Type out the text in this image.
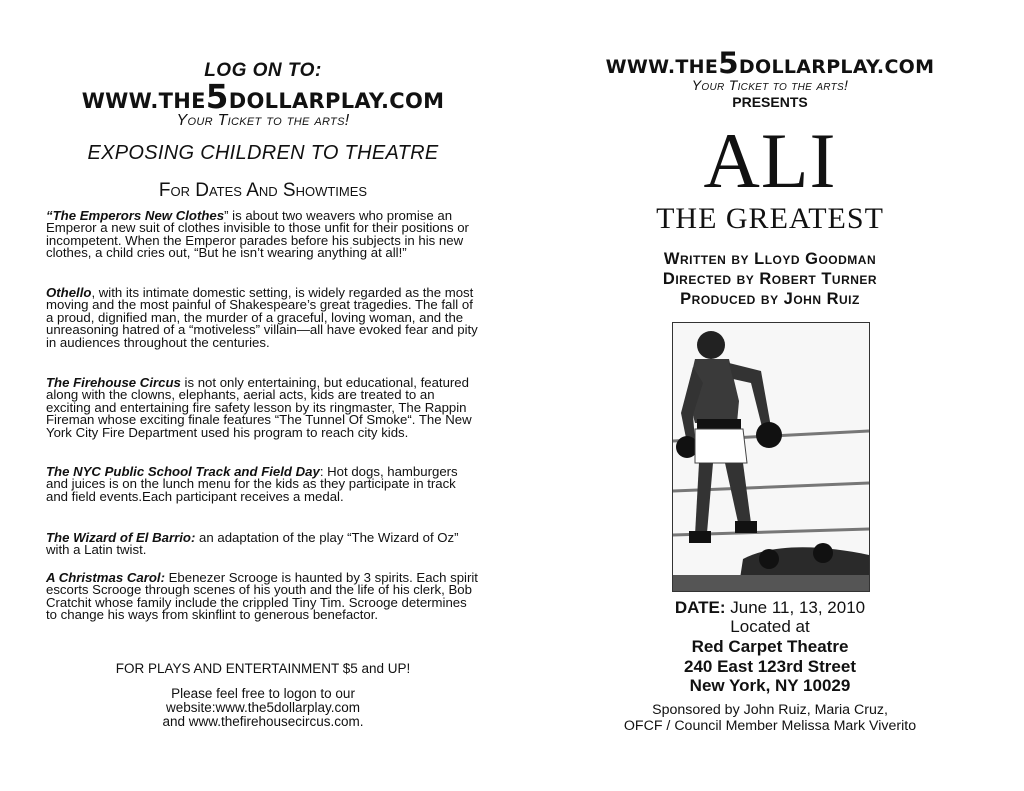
LOG ON TO:
WWW.THE5DOLLARPLAY.COM
Your Ticket to the arts!
EXPOSING CHILDREN TO THEATRE
For Dates And Showtimes
“The Emperors New Clothes” is about two weavers who promise an Emperor a new suit of clothes invisible to those unfit for their positions or incompetent. When the Emperor parades before his subjects in his new clothes, a child cries out, “But he isn’t wearing anything at all!”
Othello, with its intimate domestic setting, is widely regarded as the most moving and the most painful of Shakespeare’s great tragedies. The fall of a proud, dignified man, the murder of a graceful, loving woman, and the unreasoning hatred of a “motiveless” villain—all have evoked fear and pity in audiences throughout the centuries.
The Firehouse Circus is not only entertaining, but educational, featured along with the clowns, elephants, aerial acts, kids are treated to an exciting and entertaining fire safety lesson by its ringmaster, The Rappin Fireman whose exciting finale features “The Tunnel Of Smoke“. The New York City Fire Department used his program to reach city kids.
The NYC Public School Track and Field Day: Hot dogs, hamburgers and juices is on the lunch menu for the kids as they participate in track and field events.Each participant receives a medal.
The Wizard of El Barrio: an adaptation of the play “The Wizard of Oz” with a Latin twist.
A Christmas Carol: Ebenezer Scrooge is haunted by 3 spirits. Each spirit escorts Scrooge through scenes of his youth and the life of his clerk, Bob Cratchit whose family include the crippled Tiny Tim. Scrooge determines to change his ways from skinflint to generous benefactor.
FOR PLAYS AND ENTERTAINMENT $5 and UP!
Please feel free to logon to our
website:www.the5dollarplay.com
and www.thefirehousecircus.com.
WWW.THE5DOLLARPLAY.COM
Your Ticket to the arts!
PRESENTS
ALI
THE GREATEST
Written by Lloyd Goodman
Directed by Robert Turner
Produced by John Ruiz
DATE: June 11, 13, 2010
Located at
Red Carpet Theatre
240 East 123rd Street
New York, NY 10029
Sponsored by John Ruiz, Maria Cruz,
OFCF / Council Member Melissa Mark Viverito
